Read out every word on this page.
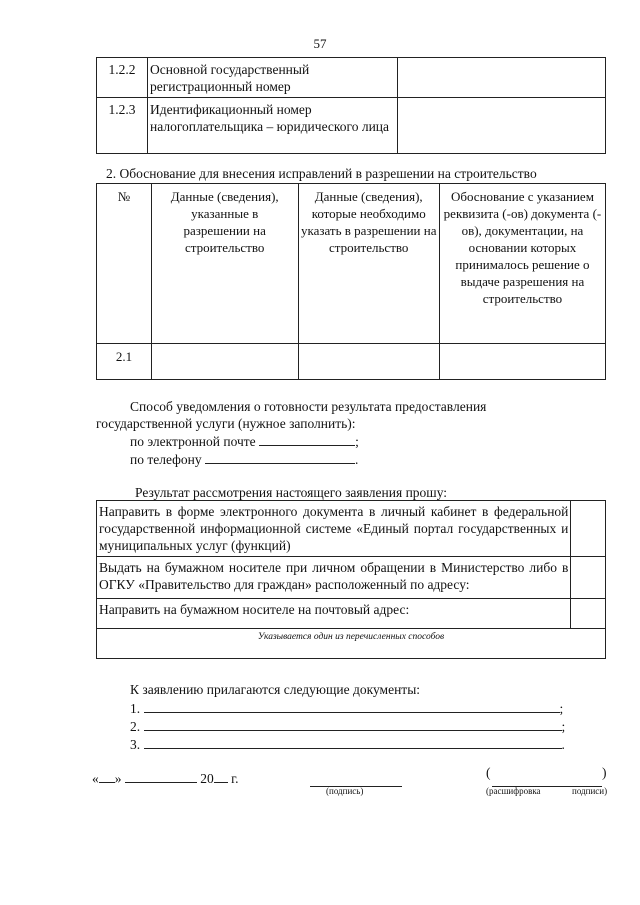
57
1.2.2	Основной государственный регистрационный номер	
1.2.3	Идентификационный номер налогоплательщика – юридического лица	
2. Обоснование для внесения исправлений в разрешении на строительство
№	Данные (сведения), указанные в разрешении на строительство	Данные (сведения), которые необходимо указать в разрешении на строительство	Обоснование с указанием реквизита (-ов) документа (-ов), документации, на основании которых принималось решение о выдаче разрешения на строительство
2.1			
Способ уведомления о готовности результата предоставления
государственной услуги (нужное заполнить):
по электронной почте	;
по телефону	.
Результат рассмотрения настоящего заявления прошу:
Направить в форме электронного документа в личный кабинет в федеральной государственной информационной системе «Единый портал государственных и муниципальных услуг (функций)	
Выдать на бумажном носителе при личном обращении в Министерство либо в ОГКУ «Правительство для граждан» расположенный по адресу:	
Направить на бумажном носителе на почтовый адрес:	
Указывается один из перечисленных способов	
К заявлению прилагаются следующие документы:
1.	;
2.	;
3.	.
« »	20 г.
(подпись)
(	)
(расшифровка	подписи)
